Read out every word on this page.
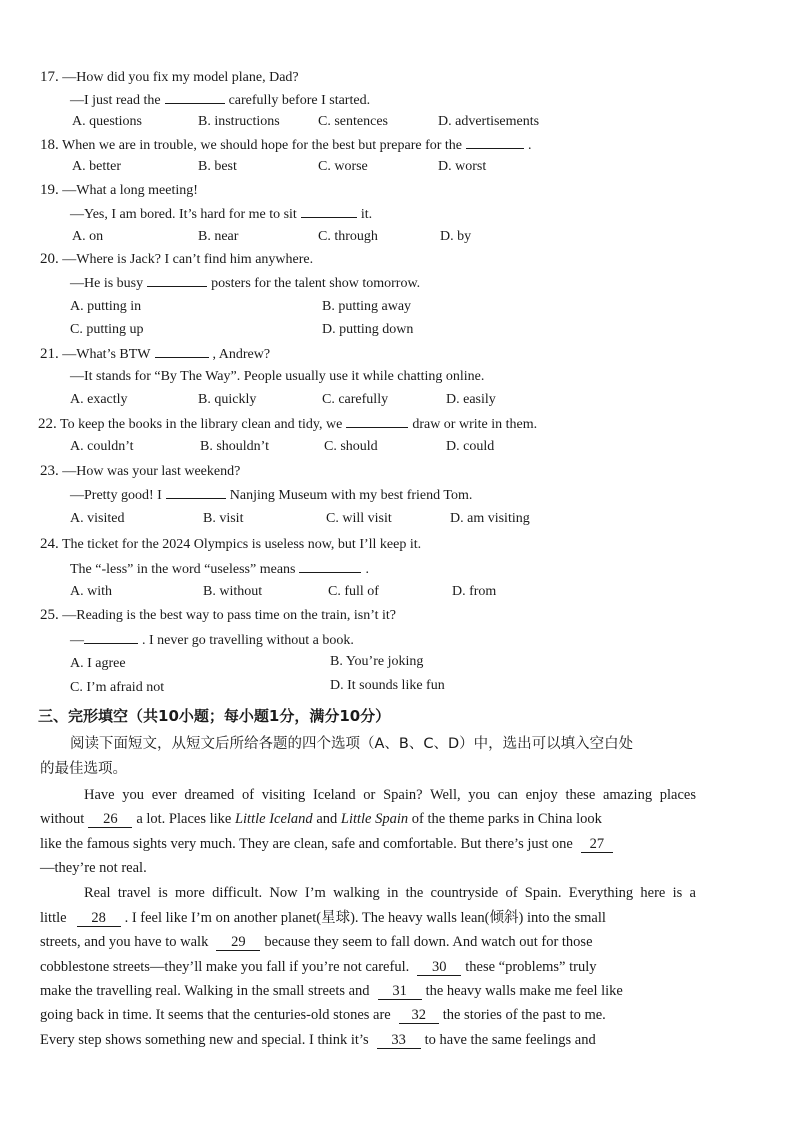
17. —How did you fix my model plane, Dad?
—I just read the	carefully before I started.
A. questions	B. instructions	C. sentences	D. advertisements
18. When we are in trouble, we should hope for the best but prepare for the	.
A. better	B. best	C. worse	D. worst
19. —What a long meeting!
—Yes, I am bored. It’s hard for me to sit	it.
A. on	B. near	C. through	D. by
20. —Where is Jack? I can’t find him anywhere.
—He is busy	posters for the talent show tomorrow.
A. putting in	B. putting away
C. putting up	D. putting down
21. —What’s BTW	, Andrew?
—It stands for “By The Way”. People usually use it while chatting online.
A. exactly	B. quickly	C. carefully	D. easily
22. To keep the books in the library clean and tidy, we	draw or write in them.
A. couldn’t	B. shouldn’t	C. should	D. could
23. —How was your last weekend?
—Pretty good! I	Nanjing Museum with my best friend Tom.
A. visited	B. visit	C. will visit	D. am visiting
24. The ticket for the 2024 Olympics is useless now, but I’ll keep it.
The “-less” in the word “useless” means	.
A. with	B. without	C. full of	D. from
25. —Reading is the best way to pass time on the train, isn’t it?
—	. I never go travelling without a book.
A. I agree	B. You’re joking
C. I’m afraid not	D. It sounds like fun
三、完形填空（共10小题；每小题1分，满分10分）
阅读下面短文，从短文后所给各题的四个选项（A、B、C、D）中，选出可以填入空白处
的最佳选项。
Have you ever dreamed of visiting Iceland or Spain? Well, you can enjoy these amazing places
without 26 a lot. Places like Little Iceland and Little Spain of the theme parks in China look
like the famous sights very much. They are clean, safe and comfortable. But there’s just one 27
—they’re not real.
Real travel is more difficult. Now I’m walking in the countryside of Spain. Everything here is a
little 28 . I feel like I’m on another planet(星球). The heavy walls lean(倾斜) into the small
streets, and you have to walk 29 because they seem to fall down. And watch out for those
cobblestone streets—they’ll make you fall if you’re not careful. 30 these “problems” truly
make the travelling real. Walking in the small streets and 31 the heavy walls make me feel like
going back in time. It seems that the centuries-old stones are 32 the stories of the past to me.
Every step shows something new and special. I think it’s 33 to have the same feelings and
